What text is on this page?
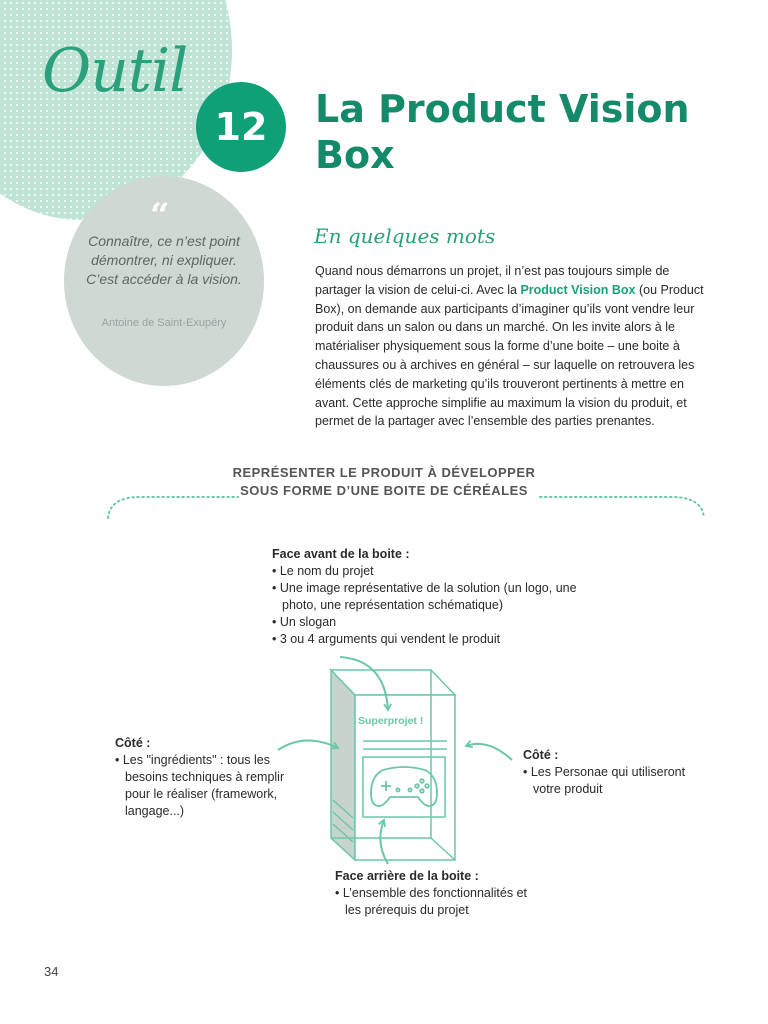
Outil
12	La Product Vision Box
“
Connaître, ce n’est point démontrer, ni expliquer. C’est accéder à la vision.
Antoine de Saint-Exupéry
En quelques mots
Quand nous démarrons un projet, il n’est pas toujours simple de partager la vision de celui-ci. Avec la Product Vision Box (ou Product Box), on demande aux participants d’imaginer qu’ils vont vendre leur produit dans un salon ou dans un marché. On les invite alors à le matérialiser physiquement sous la forme d’une boite – une boite à chaussures ou à archives en général – sur laquelle on retrouvera les éléments clés de marketing qu’ils trouveront pertinents à mettre en avant. Cette approche simplifie au maximum la vision du produit, et permet de la partager avec l’ensemble des parties prenantes.
REPRÉSENTER LE PRODUIT À DÉVELOPPER
SOUS FORME D’UNE BOITE DE CÉRÉALES
Superprojet !
Face avant de la boite :
• Le nom du projet
• Une image représentative de la solution (un logo, une photo, une représentation schématique)
• Un slogan
• 3 ou 4 arguments qui vendent le produit
Côté :
• Les "ingrédients" : tous les besoins techniques à remplir pour le réaliser (framework, langage...)
Côté :
• Les Personae qui utiliseront votre produit
Face arrière de la boite :
• L’ensemble des fonctionnalités et les prérequis du projet
34
